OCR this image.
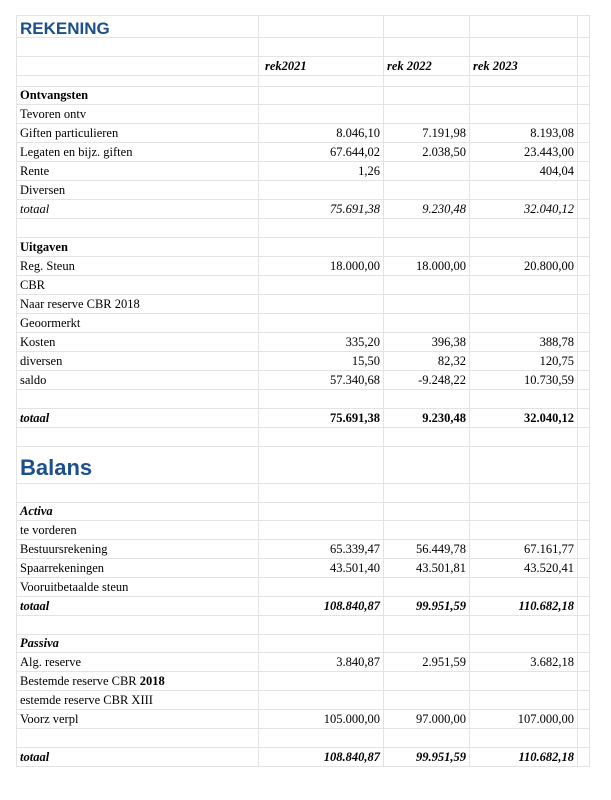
REKENING				

	rek2021	rek 2022	rek 2023	

Ontvangsten				
Tevoren ontv				
Giften particulieren	8.046,10	7.191,98	8.193,08	
Legaten en bijz. giften	67.644,02	2.038,50	23.443,00	
Rente	1,26		404,04	
Diversen				
totaal	75.691,38	9.230,48	32.040,12	

Uitgaven				
Reg. Steun	18.000,00	18.000,00	20.800,00	
CBR				
Naar reserve CBR 2018				
Geoormerkt				
Kosten	335,20	396,38	388,78	
diversen	15,50	82,32	120,75	
saldo	57.340,68	-9.248,22	10.730,59	

totaal	75.691,38	9.230,48	32.040,12	

Balans				

Activa				
te vorderen				
Bestuursrekening	65.339,47	56.449,78	67.161,77	
Spaarrekeningen	43.501,40	43.501,81	43.520,41	
Vooruitbetaalde steun				
totaal	108.840,87	99.951,59	110.682,18	

Passiva				
Alg. reserve	3.840,87	2.951,59	3.682,18	
Bestemde reserve CBR 2018				
estemde reserve CBR XIII				
Voorz verpl	105.000,00	97.000,00	107.000,00	

totaal	108.840,87	99.951,59	110.682,18	
